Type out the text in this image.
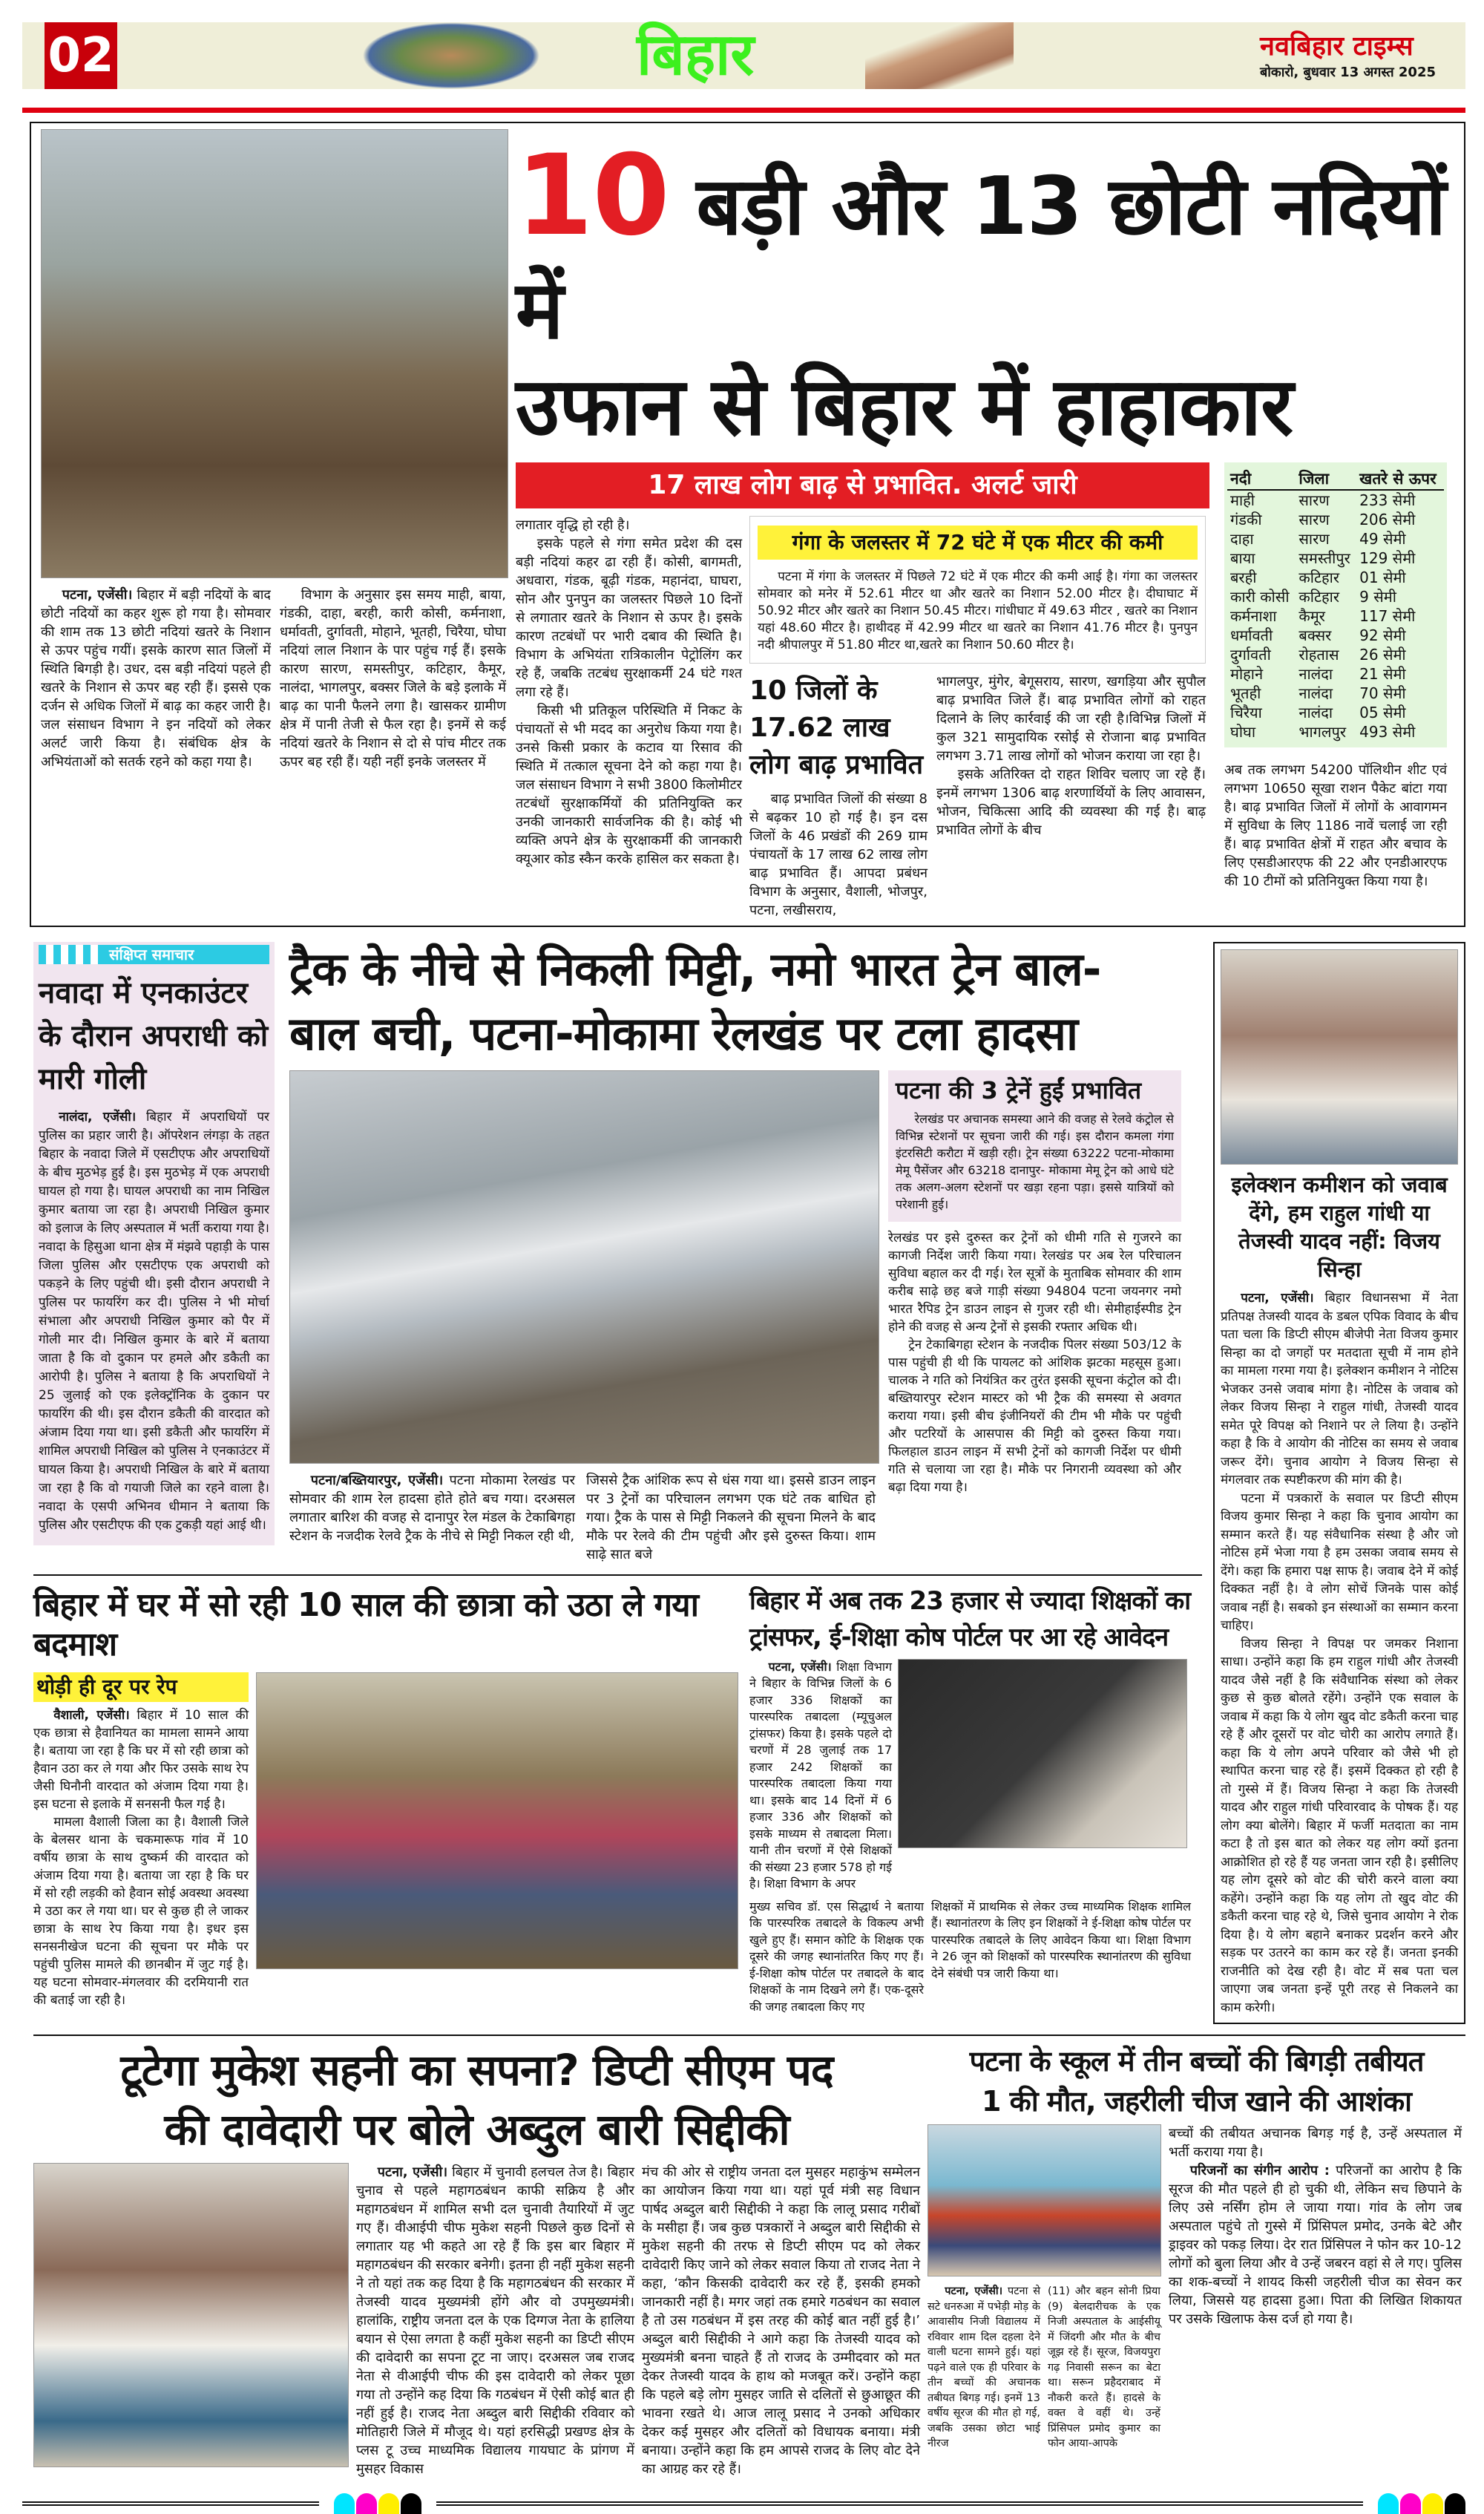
02	बिहार	नवबिहार टाइम्स
बोकारो, बुधवार 13 अगस्त 2025
पटना, एजेंसी। बिहार में बड़ी नदियों के बाद छोटी नदियों का कहर शुरू हो गया है। सोमवार की शाम तक 13 छोटी नदियां खतरे के निशान से ऊपर पहुंच गयीं। इसके कारण सात जिलों में स्थिति बिगड़ी है। उधर, दस बड़ी नदियां पहले ही खतरे के निशान से ऊपर बह रही हैं। इससे एक दर्जन से अधिक जिलों में बाढ़ का कहर जारी है। जल संसाधन विभाग ने इन नदियों को लेकर अलर्ट जारी किया है। संबंधिक क्षेत्र के अभियंताओं को सतर्क रहने को कहा गया है।
विभाग के अनुसार इस समय माही, बाया, गंडकी, दाहा, बरही, कारी कोसी, कर्मनाशा, धर्मावती, दुर्गावती, मोहाने, भूतही, चिरैया, घोघा नदियां लाल निशान के पार पहुंच गई हैं। इसके कारण सारण, समस्तीपुर, कटिहार, कैमूर, नालंदा, भागलपुर, बक्सर जिले के बड़े इलाके में बाढ़ का पानी फैलने लगा है। खासकर ग्रामीण क्षेत्र में पानी तेजी से फैल रहा है। इनमें से कई नदियां खतरे के निशान से दो से पांच मीटर तक ऊपर बह रही हैं। यही नहीं इनके जलस्तर में
10 बड़ी और 13 छोटी नदियों में
उफान से बिहार में हाहाकार
17 लाख लोग बाढ़ से प्रभावित. अलर्ट जारी

लगातार वृद्धि हो रही है।

इसके पहले से गंगा समेत प्रदेश की दस बड़ी नदियां कहर ढा रही हैं। कोसी, बागमती, अधवारा, गंडक, बूढ़ी गंडक, महानंदा, घाघरा, सोन और पुनपुन का जलस्तर पिछले 10 दिनों से लगातार खतरे के निशान से ऊपर है। इसके कारण तटबंधों पर भारी दबाव की स्थिति है। विभाग के अभियंता रात्रिकालीन पेट्रोलिंग कर रहे हैं, जबकि तटबंध सुरक्षाकर्मी 24 घंटे गश्त लगा रहे हैं।

किसी भी प्रतिकूल परिस्थिति में निकट के पंचायतों से भी मदद का अनुरोध किया गया है। उनसे किसी प्रकार के कटाव या रिसाव की स्थिति में तत्काल सूचना देने को कहा गया है। जल संसाधन विभाग ने सभी 3800 किलोमीटर तटबंधों सुरक्षाकर्मियों की प्रतिनियुक्ति कर उनकी जानकारी सार्वजनिक की है। कोई भी व्यक्ति अपने क्षेत्र के सुरक्षाकर्मी की जानकारी क्यूआर कोड स्कैन करके हासिल कर सकता है।

गंगा के जलस्तर में 72 घंटे में एक मीटर की कमी
पटना में गंगा के जलस्तर में पिछले 72 घंटे में एक मीटर की कमी आई है। गंगा का जलस्तर सोमवार को मनेर में 52.61 मीटर था और खतरे का निशान 52.00 मीटर है। दीघाघाट में 50.92 मीटर और खतरे का निशान 50.45 मीटर। गांधीघाट में 49.63 मीटर , खतरे का निशान यहां 48.60 मीटर है। हाथीदह में 42.99 मीटर था खतरे का निशान 41.76 मीटर है। पुनपुन नदी श्रीपालपुर में 51.80 मीटर था,खतरे का निशान 50.60 मीटर है।
10 जिलों के 17.62 लाख लोग बाढ़ प्रभावित
बाढ़ प्रभावित जिलों की संख्या 8 से बढ़कर 10 हो गई है। इन दस जिलों के 46 प्रखंडों की 269 ग्राम पंचायतों के 17 लाख 62 लाख लोग बाढ़ प्रभावित हैं। आपदा प्रबंधन विभाग के अनुसार, वैशाली, भोजपुर, पटना, लखीसराय,

भागलपुर, मुंगेर, बेगूसराय, सारण, खगड़िया और सुपौल बाढ़ प्रभावित जिले हैं। बाढ़ प्रभावित लोगों को राहत दिलाने के लिए कार्रवाई की जा रही है।विभिन्न जिलों में कुल 321 सामुदायिक रसोई से रोजाना बाढ़ प्रभावित लगभग 3.71 लाख लोगों को भोजन कराया जा रहा है।

इसके अतिरिक्त दो राहत शिविर चलाए जा रहे हैं। इनमें लगभग 1306 बाढ़ शरणार्थियों के लिए आवासन, भोजन, चिकित्सा आदि की व्यवस्था की गई है। बाढ़ प्रभावित लोगों के बीच

नदी	जिला	खतरे से ऊपर
माही	सारण	233 सेमी
गंडकी	सारण	206 सेमी
दाहा	सारण	49 सेमी
बाया	समस्तीपुर	129 सेमी
बरही	कटिहार	01 सेमी
कारी कोसी	कटिहार	9 सेमी
कर्मनाशा	कैमूर	117 सेमी
धर्मावती	बक्सर	92 सेमी
दुर्गावती	रोहतास	26 सेमी
मोहाने	नालंदा	21 सेमी
भूतही	नालंदा	70 सेमी
चिरैया	नालंदा	05 सेमी
घोघा	भागलपुर	493 सेमी
अब तक लगभग 54200 पॉलिथीन शीट एवं लगभग 10650 सूखा राशन पैकेट बांटा गया है। बाढ़ प्रभावित जिलों में लोगों के आवागमन में सुविधा के लिए 1186 नावें चलाई जा रही हैं। बाढ़ प्रभावित क्षेत्रों में राहत और बचाव के लिए एसडीआरएफ की 22 और एनडीआरएफ की 10 टीमों को प्रतिनियुक्त किया गया है।
संक्षिप्त समाचार
नवादा में एनकाउंटर के दौरान अपराधी को मारी गोली
नालंदा, एजेंसी। बिहार में अपराधियों पर पुलिस का प्रहार जारी है। ऑपरेशन लंगड़ा के तहत बिहार के नवादा जिले में एसटीएफ और अपराधियों के बीच मुठभेड़ हुई है। इस मुठभेड़ में एक अपराधी घायल हो गया है। घायल अपराधी का नाम निखिल कुमार बताया जा रहा है। अपराधी निखिल कुमार को इलाज के लिए अस्पताल में भर्ती कराया गया है। नवादा के हिसुआ थाना क्षेत्र में मंझवे पहाड़ी के पास जिला पुलिस और एसटीएफ एक अपराधी को पकड़ने के लिए पहुंची थी। इसी दौरान अपराधी ने पुलिस पर फायरिंग कर दी। पुलिस ने भी मोर्चा संभाला और अपराधी निखिल कुमार को पैर में गोली मार दी। निखिल कुमार के बारे में बताया जाता है कि वो दुकान पर हमले और डकैती का आरोपी है। पुलिस ने बताया है कि अपराधियों ने 25 जुलाई को एक इलेक्ट्रॉनिक के दुकान पर फायरिंग की थी। इस दौरान डकैती की वारदात को अंजाम दिया गया था। इसी डकैती और फायरिंग में शामिल अपराधी निखिल को पुलिस ने एनकाउंटर में घायल किया है। अपराधी निखिल के बारे में बताया जा रहा है कि वो गयाजी जिले का रहने वाला है। नवादा के एसपी अभिनव धीमान ने बताया कि पुलिस और एसटीएफ की एक टुकड़ी यहां आई थी।
ट्रैक के नीचे से निकली मिट्टी, नमो भारत ट्रेन बाल-
बाल बची, पटना-मोकामा रेलखंड पर टला हादसा
पटना/बख्तियारपुर, एजेंसी। पटना मोकामा रेलखंड पर सोमवार की शाम रेल हादसा होते होते बच गया। दरअसल लगातार बारिश की वजह से दानापुर रेल मंडल के टेकाबिगहा स्टेशन के नजदीक रेलवे ट्रैक के नीचे से मिट्टी निकल रही थी,
जिससे ट्रैक आंशिक रूप से धंस गया था। इससे डाउन लाइन पर 3 ट्रेनों का परिचालन लगभग एक घंटे तक बाधित हो गया। ट्रैक के पास से मिट्टी निकलने की सूचना मिलने के बाद मौके पर रेलवे की टीम पहुंची और इसे दुरुस्त किया। शाम साढ़े सात बजे
पटना की 3 ट्रेनें हुईं प्रभावित
रेलखंड पर अचानक समस्या आने की वजह से रेलवे कंट्रोल से विभिन्न स्टेशनों पर सूचना जारी की गई। इस दौरान कमला गंगा इंटरसिटी करौटा में खड़ी रही। ट्रेन संख्या 63222 पटना-मोकामा मेमू पैसेंजर और 63218 दानापुर- मोकामा मेमू ट्रेन को आधे घंटे तक अलग-अलग स्टेशनों पर खड़ा रहना पड़ा। इससे यात्रियों को परेशानी हुई।

रेलखंड पर इसे दुरुस्त कर ट्रेनों को धीमी गति से गुजरने का कागजी निर्देश जारी किया गया। रेलखंड पर अब रेल परिचालन सुविधा बहाल कर दी गई। रेल सूत्रों के मुताबिक सोमवार की शाम करीब साढ़े छह बजे गाड़ी संख्या 94804 पटना जयनगर नमो भारत रैपिड ट्रेन डाउन लाइन से गुजर रही थी। सेमीहाईस्पीड ट्रेन होने की वजह से अन्य ट्रेनों से इसकी रफ्तार अधिक थी।

ट्रेन टेकाबिगहा स्टेशन के नजदीक पिलर संख्या 503/12 के पास पहुंची ही थी कि पायलट को आंशिक झटका महसूस हुआ। चालक ने गति को नियंत्रित कर तुरंत इसकी सूचना कंट्रोल को दी। बख्तियारपुर स्टेशन मास्टर को भी ट्रैक की समस्या से अवगत कराया गया। इसी बीच इंजीनियरों की टीम भी मौके पर पहुंची और पटरियों के आसपास की मिट्टी को दुरुस्त किया गया। फिलहाल डाउन लाइन में सभी ट्रेनों को कागजी निर्देश पर धीमी गति से चलाया जा रहा है। मौके पर निगरानी व्यवस्था को और बढ़ा दिया गया है।

बिहार में घर में सो रही 10 साल की छात्रा को उठा ले गया बदमाश
थोड़ी ही दूर पर रेप

वैशाली, एजेंसी। बिहार में 10 साल की एक छात्रा से हैवानियत का मामला सामने आया है। बताया जा रहा है कि घर में सो रही छात्रा को हैवान उठा कर ले गया और फिर उसके साथ रेप जैसी घिनौनी वारदात को अंजाम दिया गया है। इस घटना से इलाके में सनसनी फैल गई है।

मामला वैशाली जिला का है। वैशाली जिले के बेलसर थाना के चकमारूफ गांव में 10 वर्षीय छात्रा के साथ दुष्कर्म की वारदात को अंजाम दिया गया है। बताया जा रहा है कि घर में सो रही लड़की को हैवान सोई अवस्था अवस्था मे उठा कर ले गया था। घर से कुछ ही ले जाकर छात्रा के साथ रेप किया गया है। इधर इस सनसनीखेज घटना की सूचना पर मौके पर पहुंची पुलिस मामले की छानबीन में जुट गई है। यह घटना सोमवार-मंगलवार की दरमियानी रात की बताई जा रही है।

बिहार में अब तक 23 हजार से ज्यादा शिक्षकों का
ट्रांसफर, ई-शिक्षा कोष पोर्टल पर आ रहे आवेदन
पटना, एजेंसी। शिक्षा विभाग ने बिहार के विभिन्न जिलों के 6 हजार 336 शिक्षकों का पारस्परिक तबादला (म्यूचुअल ट्रांसफर) किया है। इसके पहले दो चरणों में 28 जुलाई तक 17 हजार 242 शिक्षकों का पारस्परिक तबादला किया गया था। इसके बाद 14 दिनों में 6 हजार 336 और शिक्षकों को इसके माध्यम से तबादला मिला। यानी तीन चरणों में ऐसे शिक्षकों की संख्या 23 हजार 578 हो गई है। शिक्षा विभाग के अपर
मुख्य सचिव डॉ. एस सिद्धार्थ ने बताया कि पारस्परिक तबादले के विकल्प अभी खुले हुए हैं। समान कोटि के शिक्षक एक दूसरे की जगह स्थानांतरित किए गए हैं। ई-शिक्षा कोष पोर्टल पर तबादले के बाद शिक्षकों के नाम दिखने लगे हैं। एक-दूसरे की जगह तबादला किए गए
शिक्षकों में प्राथमिक से लेकर उच्च माध्यमिक शिक्षक शामिल हैं। स्थानांतरण के लिए इन शिक्षकों ने ई-शिक्षा कोष पोर्टल पर पारस्परिक तबादले के लिए आवेदन किया था। शिक्षा विभाग ने 26 जून को शिक्षकों को पारस्परिक स्थानांतरण की सुविधा देने संबंधी पत्र जारी किया था।
इलेक्शन कमीशन को जवाब देंगे, हम राहुल गांधी या तेजस्वी यादव नहीं: विजय सिन्हा

पटना, एजेंसी। बिहार विधानसभा में नेता प्रतिपक्ष तेजस्वी यादव के डबल एपिक विवाद के बीच पता चला कि डिप्टी सीएम बीजेपी नेता विजय कुमार सिन्हा का दो जगहों पर मतदाता सूची में नाम होने का मामला गरमा गया है। इलेक्शन कमीशन ने नोटिस भेजकर उनसे जवाब मांगा है। नोटिस के जवाब को लेकर विजय सिन्हा ने राहुल गांधी, तेजस्वी यादव समेत पूरे विपक्ष को निशाने पर ले लिया है। उन्होंने कहा है कि वे आयोग की नोटिस का समय से जवाब जरूर देंगे। चुनाव आयोग ने विजय सिन्हा से मंगलवार तक स्पष्टीकरण की मांग की है।

पटना में पत्रकारों के सवाल पर डिप्टी सीएम विजय कुमार सिन्हा ने कहा कि चुनाव आयोग का सम्मान करते हैं। यह संवैधानिक संस्था है और जो नोटिस हमें भेजा गया है हम उसका जवाब समय से देंगे। कहा कि हमारा पक्ष साफ है। जवाब देने में कोई दिक्कत नहीं है। वे लोग सोचें जिनके पास कोई जवाब नहीं है। सबको इन संस्थाओं का सम्मान करना चाहिए।

विजय सिन्हा ने विपक्ष पर जमकर निशाना साधा। उन्होंने कहा कि हम राहुल गांधी और तेजस्वी यादव जैसे नहीं है कि संवैधानिक संस्था को लेकर कुछ से कुछ बोलते रहेंगे। उन्होंने एक सवाल के जवाब में कहा कि ये लोग खुद वोट डकैती करना चाह रहे हैं और दूसरों पर वोट चोरी का आरोप लगाते हैं। कहा कि ये लोग अपने परिवार को जैसे भी हो स्थापित करना चाह रहे हैं। इसमें दिक्कत हो रही है तो गुस्से में हैं। विजय सिन्हा ने कहा कि तेजस्वी यादव और राहुल गांधी परिवारवाद के पोषक हैं। यह लोग क्या बोलेंगे। बिहार में फर्जी मतदाता का नाम कटा है तो इस बात को लेकर यह लोग क्यों इतना आक्रोशित हो रहे हैं यह जनता जान रही है। इसीलिए यह लोग दूसरे को वोट की चोरी करने वाला क्या कहेंगे। उन्होंने कहा कि यह लोग तो खुद वोट की डकैती करना चाह रहे थे, जिसे चुनाव आयोग ने रोक दिया है। ये लोग बहाने बनाकर प्रदर्शन करने और सड़क पर उतरने का काम कर रहे हैं। जनता इनकी राजनीति को देख रही है। वोट में सब पता चल जाएगा जब जनता इन्हें पूरी तरह से निकलने का काम करेगी।

टूटेगा मुकेश सहनी का सपना? डिप्टी सीएम पद
की दावेदारी पर बोले अब्दुल बारी सिद्दीकी
पटना, एजेंसी। बिहार में चुनावी हलचल तेज है। बिहार चुनाव से पहले महागठबंधन काफी सक्रिय है और महागठबंधन में शामिल सभी दल चुनावी तैयारियों में जुट गए हैं। वीआईपी चीफ मुकेश सहनी पिछले कुछ दिनों से लगातार यह भी कहते आ रहे हैं कि इस बार बिहार में महागठबंधन की सरकार बनेगी। इतना ही नहीं मुकेश सहनी ने तो यहां तक कह दिया है कि महागठबंधन की सरकार में तेजस्वी यादव मुख्यमंत्री होंगे और वो उपमुख्यमंत्री। हालांकि, राष्ट्रीय जनता दल के एक दिग्गज नेता के हालिया बयान से ऐसा लगता है कहीं मुकेश सहनी का डिप्टी सीएम की दावेदारी का सपना टूट ना जाए। दरअसल जब राजद नेता से वीआईपी चीफ की इस दावेदारी को लेकर पूछा गया तो उन्होंने कह दिया कि गठबंधन में ऐसी कोई बात ही नहीं हुई है। राजद नेता अब्दुल बारी सिद्दीकी रविवार को मोतिहारी जिले में मौजूद थे। यहां हरसिद्धी प्रखण्ड क्षेत्र के प्लस टू उच्च माध्यमिक विद्यालय गायघाट के प्रांगण में मुसहर विकास
मंच की ओर से राष्ट्रीय जनता दल मुसहर महाकुंभ सम्मेलन का आयोजन किया गया था। यहां पूर्व मंत्री सह विधान पार्षद अब्दुल बारी सिद्दीकी ने कहा कि लालू प्रसाद गरीबों के मसीहा हैं। जब कुछ पत्रकारों ने अब्दुल बारी सिद्दीकी से मुकेश सहनी की तरफ से डिप्टी सीएम पद को लेकर दावेदारी किए जाने को लेकर सवाल किया तो राजद नेता ने कहा, ‘कौन किसकी दावेदारी कर रहे हैं, इसकी हमको जानकारी नहीं है। मगर जहां तक हमारे गठबंधन का सवाल है तो उस गठबंधन में इस तरह की कोई बात नहीं हुई है।’ अब्दुल बारी सिद्दीकी ने आगे कहा कि तेजस्वी यादव को मुख्यमंत्री बनना चाहते हैं तो राजद के उम्मीदवार को मत देकर तेजस्वी यादव के हाथ को मजबूत करें। उन्होंने कहा कि पहले बड़े लोग मुसहर जाति से दलितों से छुआछूत की भावना रखते थे। आज लालू प्रसाद ने उनको अधिकार देकर कई मुसहर और दलितों को विधायक बनाया। मंत्री बनाया। उन्होंने कहा कि हम आपसे राजद के लिए वोट देने का आग्रह कर रहे हैं।
पटना के स्कूल में तीन बच्चों की बिगड़ी तबीयत
1 की मौत, जहरीली चीज खाने की आशंका
पटना, एजेंसी। पटना से सटे धनरुआ में पभेड़ी मोड़ के आवासीय निजी विद्यालय में रविवार शाम दिल दहला देने वाली घटना सामने हुई। यहां पढ़ने वाले एक ही परिवार के तीन बच्चों की अचानक तबीयत बिगड़ गई। इनमें 13 वर्षीय सूरज की मौत हो गई, जबकि उसका छोटा भाई नीरज
(11) और बहन सोनी प्रिया (9) बेलदारीचक के एक निजी अस्पताल के आईसीयू में जिंदगी और मौत के बीच जूझ रहे हैं। सूरज, विजयपुरा गढ़ निवासी सरून का बेटा था। सरून प्रहैदराबाद में नौकरी करते हैं। हादसे के वक्त वे वहीं थे। उन्हें प्रिंसिपल प्रमोद कुमार का फोन आया-आपके

बच्चों की तबीयत अचानक बिगड़ गई है, उन्हें अस्पताल में भर्ती कराया गया है।

परिजनों का संगीन आरोप : परिजनों का आरोप है कि सूरज की मौत पहले ही हो चुकी थी, लेकिन सच छिपाने के लिए उसे नर्सिंग होम ले जाया गया। गांव के लोग जब अस्पताल पहुंचे तो गुस्से में प्रिंसिपल प्रमोद, उनके बेटे और ड्राइवर को पकड़ लिया। देर रात प्रिंसिपल ने फोन कर 10-12 लोगों को बुला लिया और वे उन्हें जबरन वहां से ले गए। पुलिस का शक-बच्चों ने शायद किसी जहरीली चीज का सेवन कर लिया, जिससे यह हादसा हुआ। पिता की लिखित शिकायत पर उसके खिलाफ केस दर्ज हो गया है।
